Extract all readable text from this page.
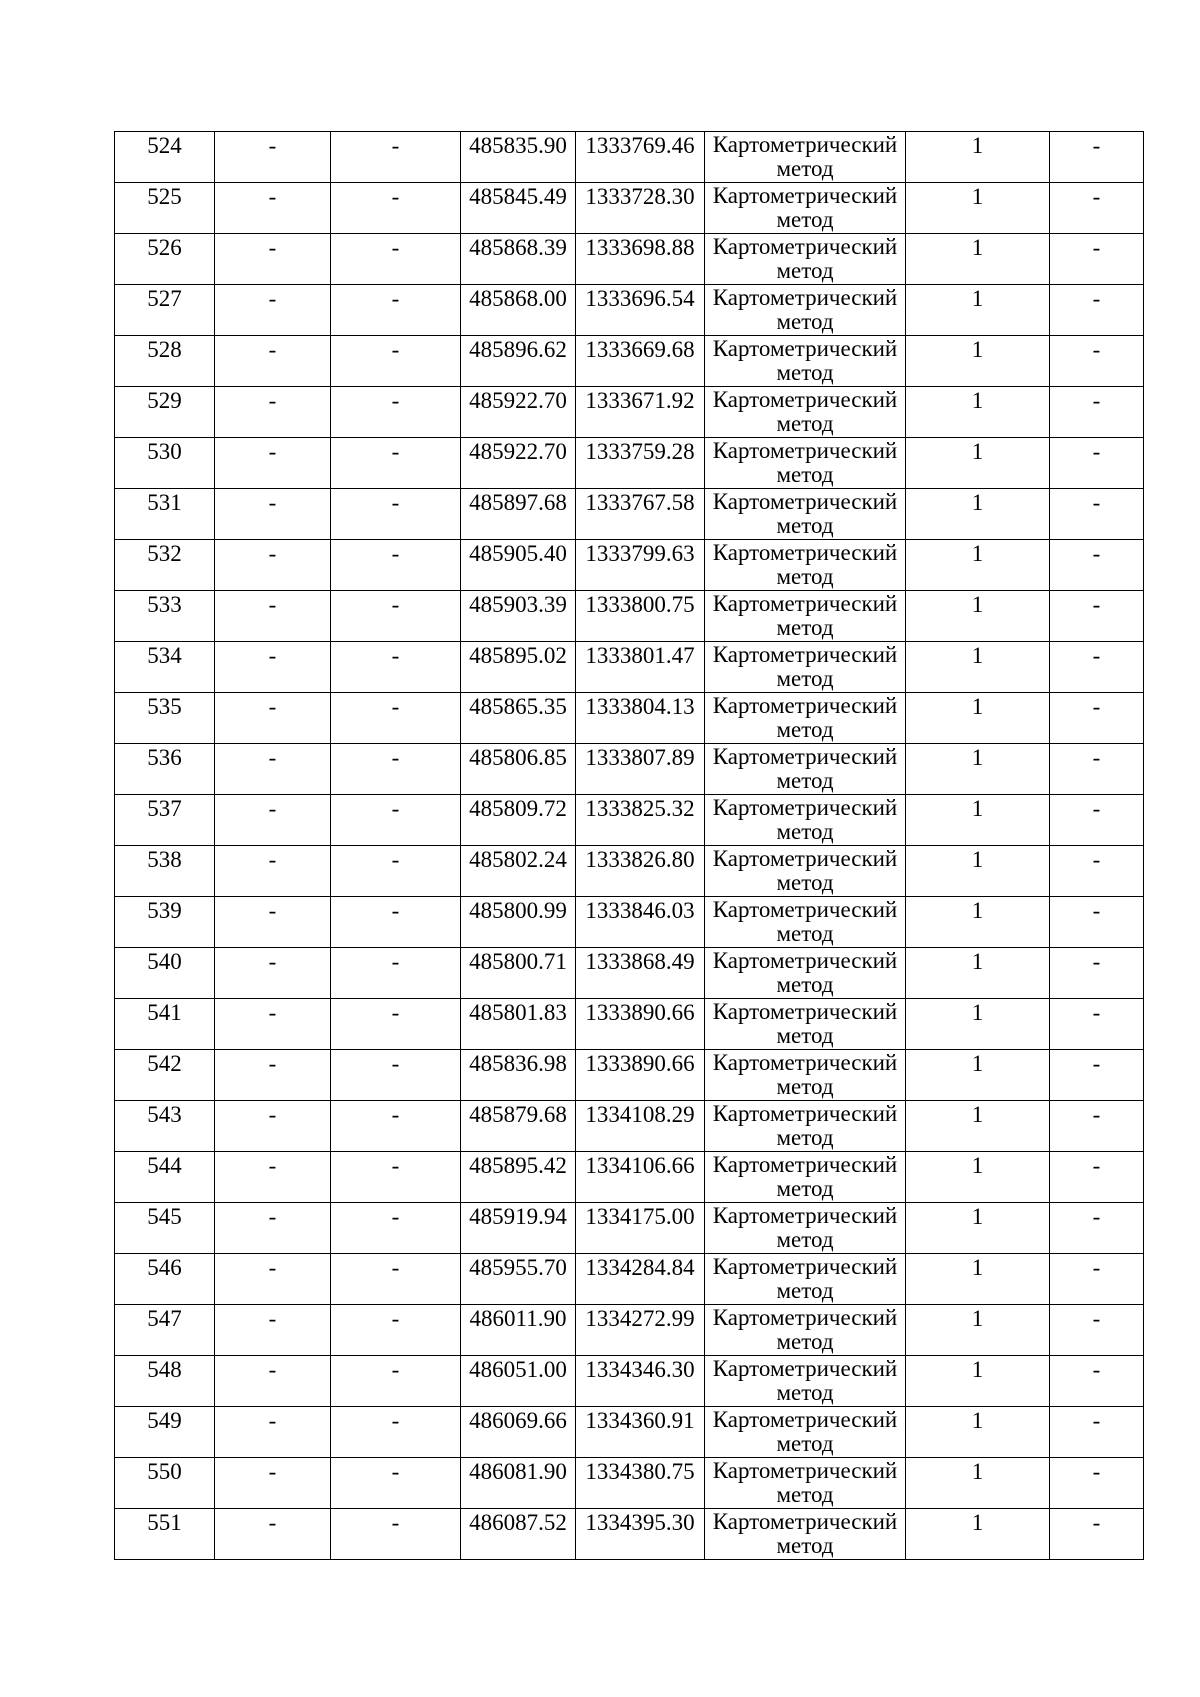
524	-	-	485835.90	1333769.46	Картометрический метод	1	-
525	-	-	485845.49	1333728.30	Картометрический метод	1	-
526	-	-	485868.39	1333698.88	Картометрический метод	1	-
527	-	-	485868.00	1333696.54	Картометрический метод	1	-
528	-	-	485896.62	1333669.68	Картометрический метод	1	-
529	-	-	485922.70	1333671.92	Картометрический метод	1	-
530	-	-	485922.70	1333759.28	Картометрический метод	1	-
531	-	-	485897.68	1333767.58	Картометрический метод	1	-
532	-	-	485905.40	1333799.63	Картометрический метод	1	-
533	-	-	485903.39	1333800.75	Картометрический метод	1	-
534	-	-	485895.02	1333801.47	Картометрический метод	1	-
535	-	-	485865.35	1333804.13	Картометрический метод	1	-
536	-	-	485806.85	1333807.89	Картометрический метод	1	-
537	-	-	485809.72	1333825.32	Картометрический метод	1	-
538	-	-	485802.24	1333826.80	Картометрический метод	1	-
539	-	-	485800.99	1333846.03	Картометрический метод	1	-
540	-	-	485800.71	1333868.49	Картометрический метод	1	-
541	-	-	485801.83	1333890.66	Картометрический метод	1	-
542	-	-	485836.98	1333890.66	Картометрический метод	1	-
543	-	-	485879.68	1334108.29	Картометрический метод	1	-
544	-	-	485895.42	1334106.66	Картометрический метод	1	-
545	-	-	485919.94	1334175.00	Картометрический метод	1	-
546	-	-	485955.70	1334284.84	Картометрический метод	1	-
547	-	-	486011.90	1334272.99	Картометрический метод	1	-
548	-	-	486051.00	1334346.30	Картометрический метод	1	-
549	-	-	486069.66	1334360.91	Картометрический метод	1	-
550	-	-	486081.90	1334380.75	Картометрический метод	1	-
551	-	-	486087.52	1334395.30	Картометрический метод	1	-
